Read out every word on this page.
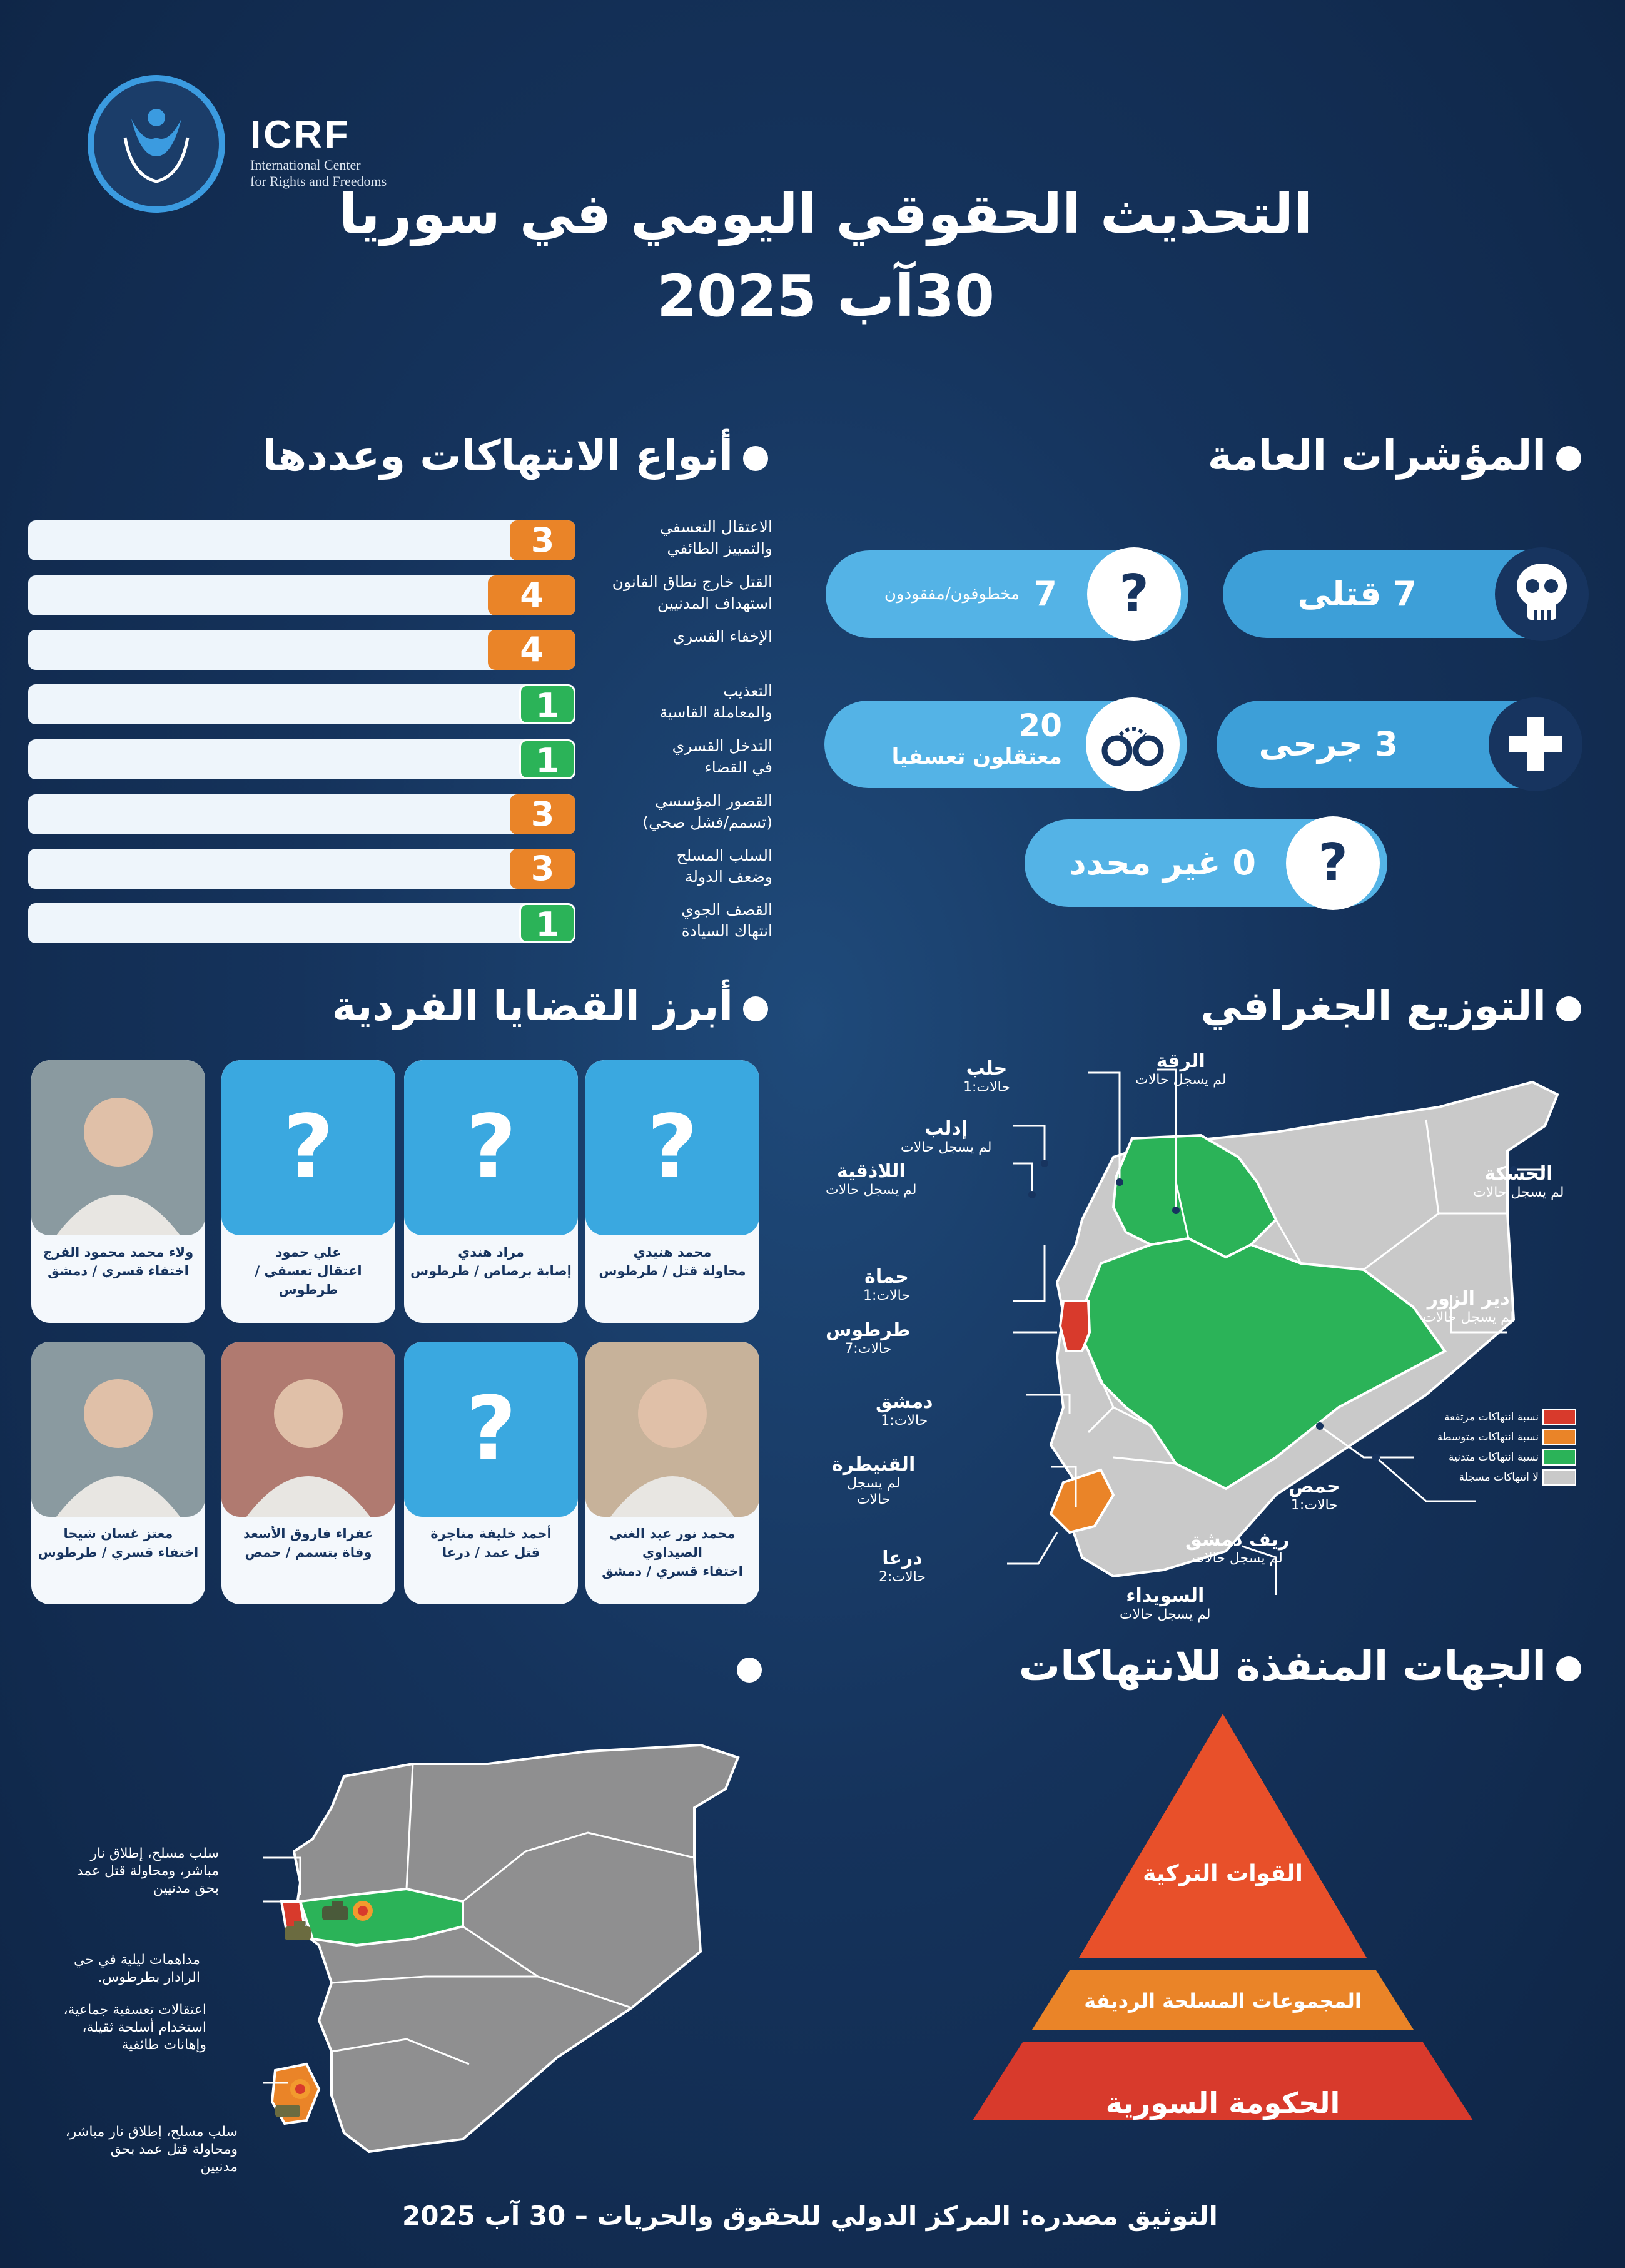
ICRF
International Center
for Rights and Freedoms
التحديث الحقوقي اليومي في سوريا
30آب 2025
المؤشرات العامة
أنواع الانتهاكات وعددها
التوزيع الجغرافي
أبرز القضايا الفردية
الجهات المنفذة للانتهاكات
3	الاعتقال التعسفي
والتمييز الطائفي
4	القتل خارج نطاق القانون
استهداف المدنيين
4	الإخفاء القسري
1	التعذيب
والمعاملة القاسية
1	التدخل القسري
في القضاء
3	القصور المؤسسي
(تسمم/فشل صحي)
3	السلب المسلح
وضعف الدولة
1	القصف الجوي
انتهاك السيادة
7 قتلى
7
مخطوفون/مفقودون	?
3 جرحى
20
معتقلون تعسفيا
0 غير محدد	?
?
محمد هنيدي
محاولة قتل / طرطوس
?
مراد هندي
إصابة برصاص / طرطوس
?
علي حمود
اعتقال تعسفي / طرطوس
ولاء محمد محمود الفرج
اختفاء قسري / دمشق
محمد نور عبد الغني الصيداوي
اختفاء قسري / دمشق
?
أحمد خليفة مناجرة
قتل عمد / درعا
عفراء فاروق الأسعد
وفاة بتسمم / حمص
معتز غسان شيحا
اختفاء قسري / طرطوس
حلب
حالات:1
الرقة
لم يسجل حالات
إدلب
لم يسجل حالات
اللاذقية
لم يسجل حالات
الحسكة
لم يسجل حالات
حماة
حالات:1
طرطوس
حالات:7
دير الزور
لم يسجل حالات
دمشق
حالات:1
القنيطرة
لم يسجل
حالات
حمص
حالات:1
ريف دمشق
لم يسجل حالات
درعا
حالات:2
السويداء
لم يسجل حالات
نسبة انتهاكات مرتفعة
نسبة انتهاكات متوسطة
نسبة انتهاكات متدنية
لا انتهاكات مسجلة
سلب مسلح، إطلاق نار
مباشر، ومحاولة قتل عمد
بحق مدنيين
مداهمات ليلية في حي
الرادار بطرطوس.
اعتقالات تعسفية جماعية،
استخدام أسلحة ثقيلة،
وإهانات طائفية
سلب مسلح، إطلاق نار مباشر،
ومحاولة قتل عمد بحق
مدنيين
القوات التركية
المجموعات المسلحة الرديفة
الحكومة السورية
التوثيق مصدره: المركز الدولي للحقوق والحريات – 30 آب 2025
